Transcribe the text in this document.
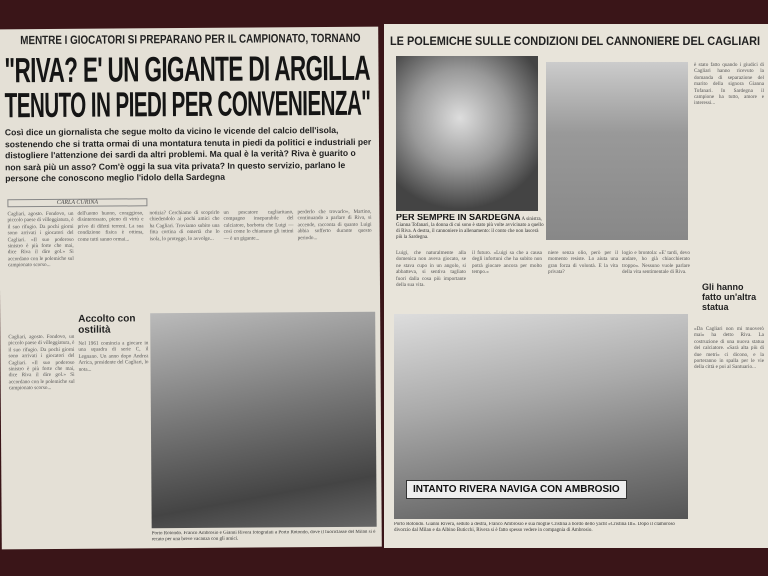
MENTRE I GIOCATORI SI PREPARANO PER IL CAMPIONATO, TORNANO
"RIVA? E' UN GIGANTE DI ARGILLA
TENUTO IN PIEDI PER CONVENIENZA"
Così dice un giornalista che segue molto da vicino le vicende del calcio dell'isola, sostenendo che si tratta ormai di una montatura tenuta in piedi da politici e industriali per distogliere l'attenzione dei sardi da altri problemi. Ma qual è la verità? Riva è guarito o non sarà più un asso? Com'è oggi la sua vita privata? In questo servizio, parlano le persone che conoscono meglio l'idolo della Sardegna
CARLA CURINA
Cagliari, agosto. Fondovo, un piccolo paese di villeggiatura, è il suo rifugio. Da pochi giorni sono arrivati i giocatori del Cagliari. «Il suo poderoso sinistro è più forte che mai, dice Riva il dire gol.» Si accordano con le polemiche sul campionato scorso...
dell'uomo buono, coraggioso, disinteressato, pieno di virtù e privo di difetti terreni. La sua condizione fisica è ottima, come tutti sanno ormai...
notizia? Cerchiamo di scoprirlo chiedendolo ai pochi amici che ha Cagliari. Troviamo subito una fitta cortina di omertà che lo isola, lo protegge, lo avvolge...
un pescatore cagliaritano, compagno inseparabile del calciatore, borbotta che Luigi — così come lo chiamano gli intimi — è un gigante...
perderlo che trovarlo», Martino, continuando a parlare di Riva, si accende, racconta di quanto Luigi abbia sofferto durante questo periodo...
Cagliari, agosto. Fondovo, un piccolo paese di villeggiatura, è il suo rifugio. Da pochi giorni sono arrivati i giocatori del Cagliari. «Il suo poderoso sinistro è più forte che mai, dice Riva il dire gol.» Si accordano con le polemiche sul campionato scorso...
Accolto con ostilità
Nel 1961 comincia a giocare in una squadra di serie C, il Legnano. Un anno dopo Andrea Arrica, presidente del Cagliari, lo nota...
Porto Rotondo. Franco Ambrosio e Gianni Rivera fotografati a Porto Rotondo, dove il fuoriclasse del Milan si è recato per una breve vacanza con gli amici.
LE POLEMICHE SULLE CONDIZIONI DEL CANNONIERE DEL CAGLIARI
PER SEMPRE IN SARDEGNA A sinistra, Gianna Tofanari, la donna di cui sono è stato più volte avvicinato a quello di Riva. A destra, il cannoniere in allenamento: il conto che non lascerà più la Sardegna.
è stato fatto quando i giudici di Cagliari hanno ricevuto la domanda di separazione del marito della signora Gianna Tofanari. In Sardegna il campione ha tutto, amore e interessi...
Gli hanno fatto un'altra statua
«Da Cagliari non mi muoverò mai» ha detto Riva. La costruzione di una nuova statua del calciatore. «Sarà alta più di due metri» ci dicono, e la porteranno in spalla per le vie della città e poi al Santuario...
Luigi, che naturalmente alla domenica non aveva giocato, se ne stava cupo in un angolo, si abbatteva, si sentiva tagliato fuori dalla cosa più importante della sua vita.
il futuro. «Luigi sa che a causa degli infortuni che ha subito non potrà giocare ancora per molto tempo.»
niere senza olio, però per il momento resiste. Lo aiuta una gran forza di volontà. E la vita privata?
logio e brontola: «E' tardi, devo andare, ho già chiacchierato troppo». Nessuno vuole parlare della vita sentimentale di Riva.
INTANTO RIVERA NAVIGA CON AMBROSIO
Porto Rotondo. Gianni Rivera, seduto a destra, Franco Ambrosio e sua moglie Cristina a bordo dello yacht «Cristina III». Dopo il clamoroso divorzio dal Milan e da Albino Buticchi, Rivera si è fatto spesso vedere in compagnia di Ambrosio.
